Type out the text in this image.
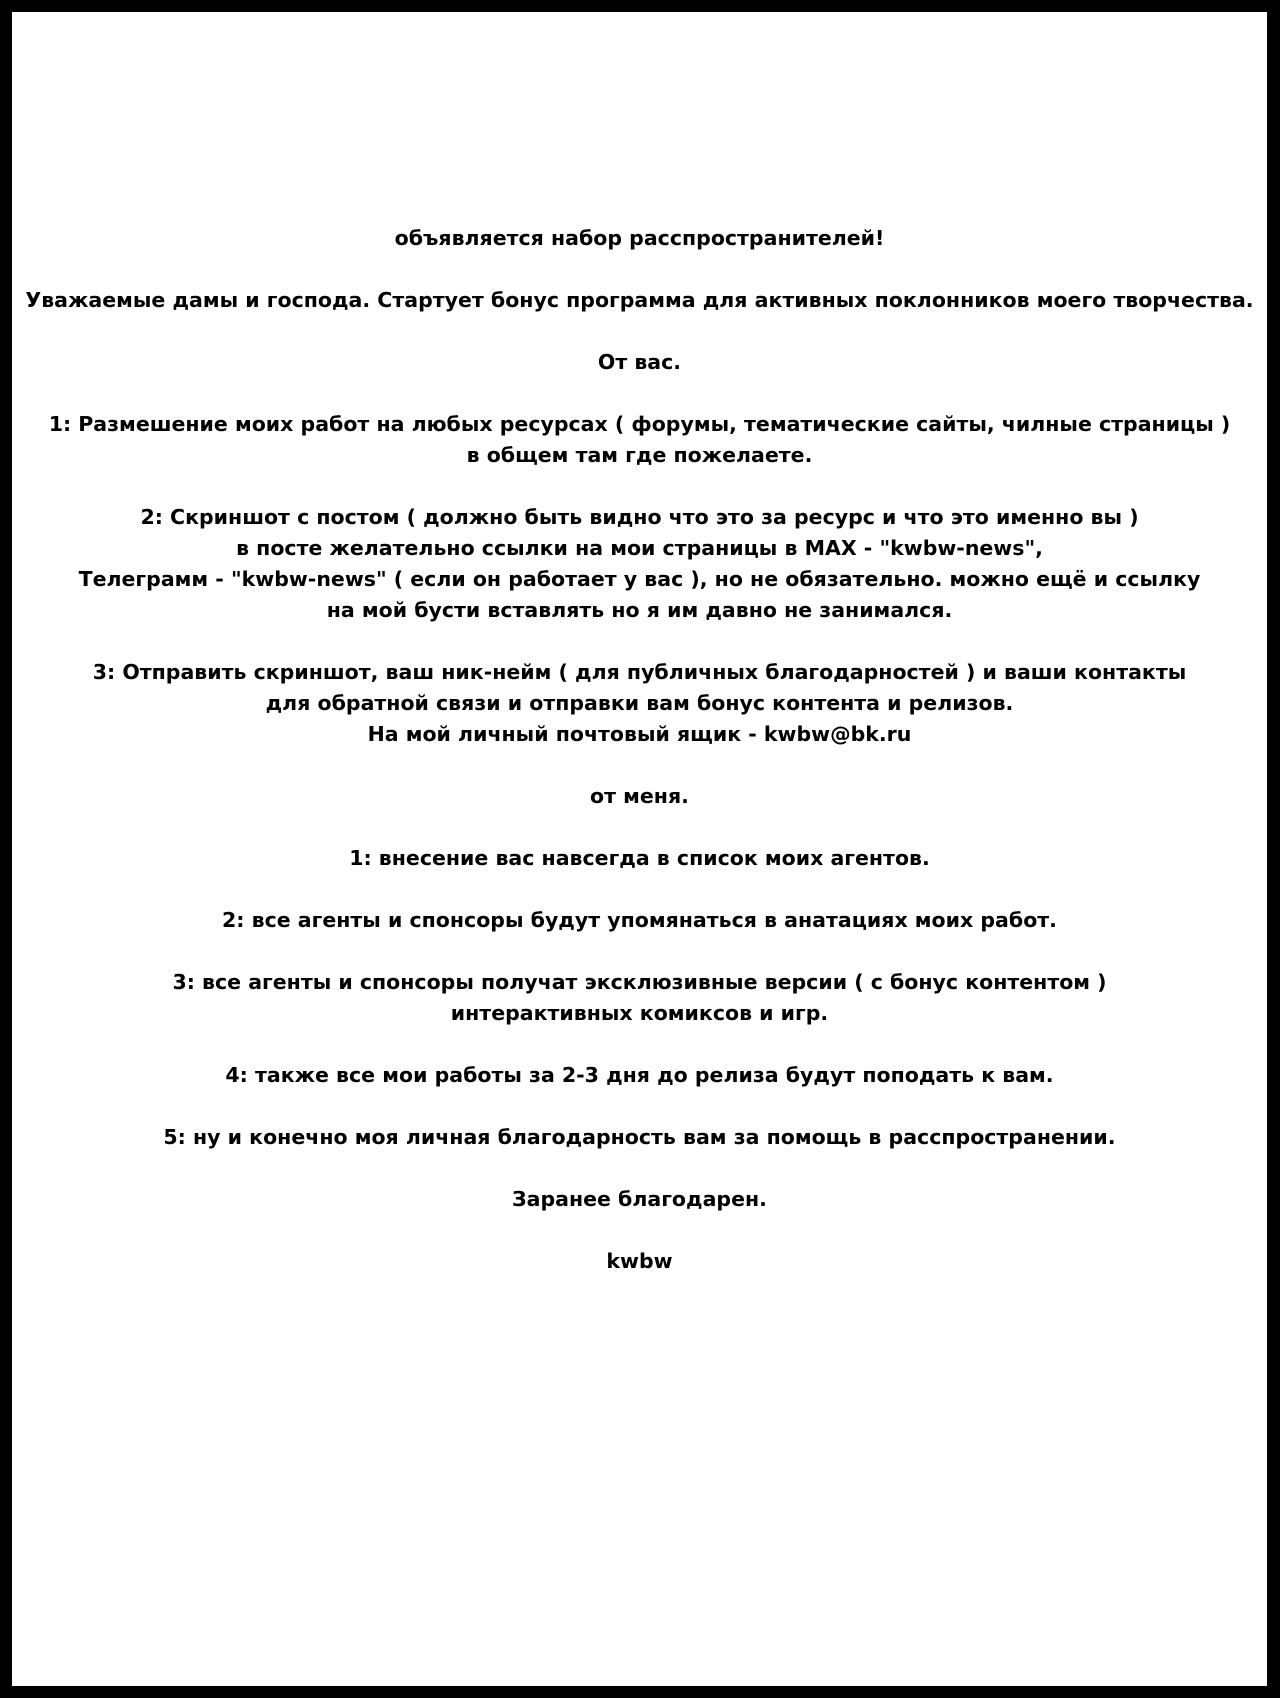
объявляется набор расспространителей!
Уважаемые дамы и господа. Стартует бонус программа для активных поклонников моего творчества.
От вас.
1: Размешение моих работ на любых ресурсах ( форумы, тематические сайты, чилные страницы )
в общем там где пожелаете.
2: Скриншот с постом ( должно быть видно что это за ресурс и что это именно вы )
в посте желательно ссылки на мои страницы в MAX - "kwbw-news",
Телеграмм - "kwbw-news" ( если он работает у вас ), но не обязательно. можно ещё и ссылку
на мой бусти вставлять но я им давно не занимался.
3: Отправить скриншот, ваш ник-нейм ( для публичных благодарностей ) и ваши контакты
для обратной связи и отправки вам бонус контента и релизов.
На мой личный почтовый ящик - kwbw@bk.ru
от меня.
1: внесение вас навсегда в список моих агентов.
2: все агенты и спонсоры будут упомянаться в анатациях моих работ.
3: все агенты и спонсоры получат эксклюзивные версии ( с бонус контентом )
интерактивных комиксов и игр.
4: также все мои работы за 2-3 дня до релиза будут поподать к вам.
5: ну и конечно моя личная благодарность вам за помощь в расспространении.
Заранее благодарен.
kwbw
